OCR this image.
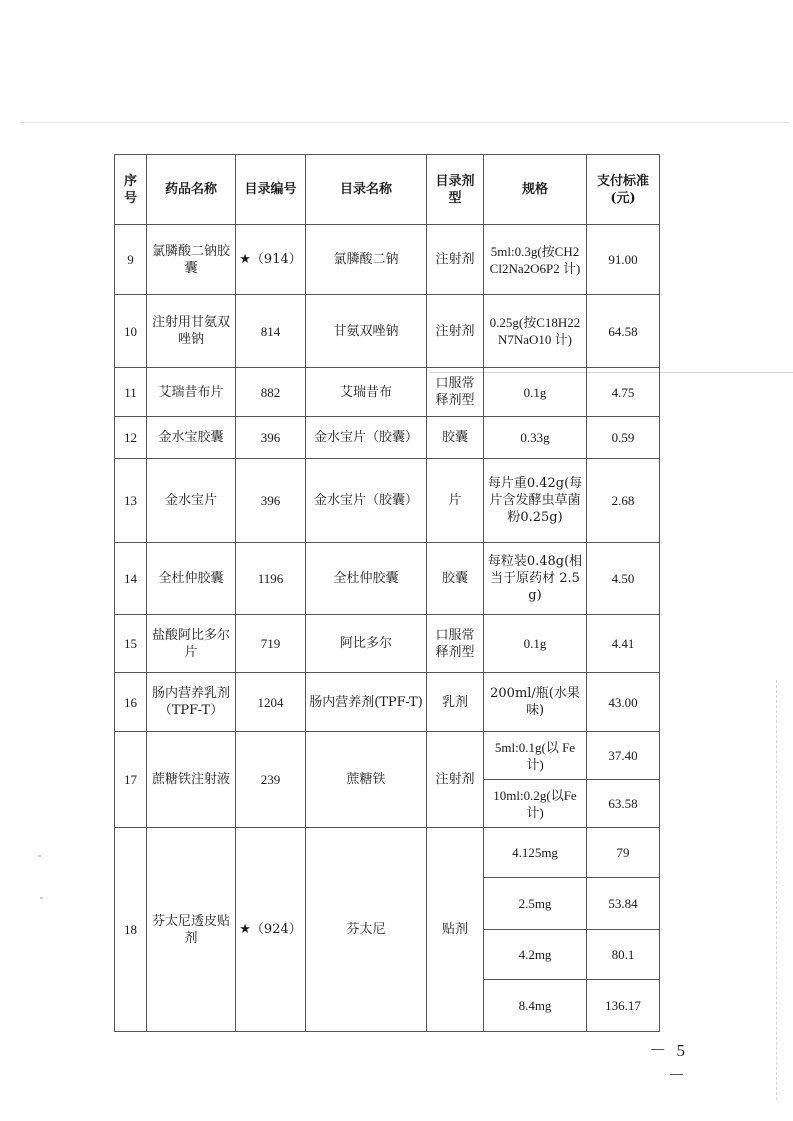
序号	药品名称	目录编号	目录名称	目录剂型	规格	支付标准(元)
9	氯膦酸二钠胶囊	★（914）	氯膦酸二钠	注射剂	5ml:0.3g(按CH2Cl2Na2O6P2 计)	91.00
10	注射用甘氨双唑钠	814	甘氨双唑钠	注射剂	0.25g(按C18H22N7NaO10 计)	64.58
11	艾瑞昔布片	882	艾瑞昔布	口服常释剂型	0.1g	4.75
12	金水宝胶囊	396	金水宝片（胶囊）	胶囊	0.33g	0.59
13	金水宝片	396	金水宝片（胶囊）	片	每片重0.42g(每片含发酵虫草菌粉0.25g)	2.68
14	全杜仲胶囊	1196	全杜仲胶囊	胶囊	每粒装0.48g(相当于原药材 2.5g)	4.50
15	盐酸阿比多尔片	719	阿比多尔	口服常释剂型	0.1g	4.41
16	肠内营养乳剂（TPF-T）	1204	肠内营养剂(TPF-T)	乳剂	200ml/瓶(水果味)	43.00
17	蔗糖铁注射液	239	蔗糖铁	注射剂	5ml:0.1g(以 Fe计)	37.40
					10ml:0.2g(以Fe 计)	63.58
18	芬太尼透皮贴剂	★（924）	芬太尼	贴剂	4.125mg	79
					2.5mg	53.84
					4.2mg	80.1
					8.4mg	136.17
－ 5 －
